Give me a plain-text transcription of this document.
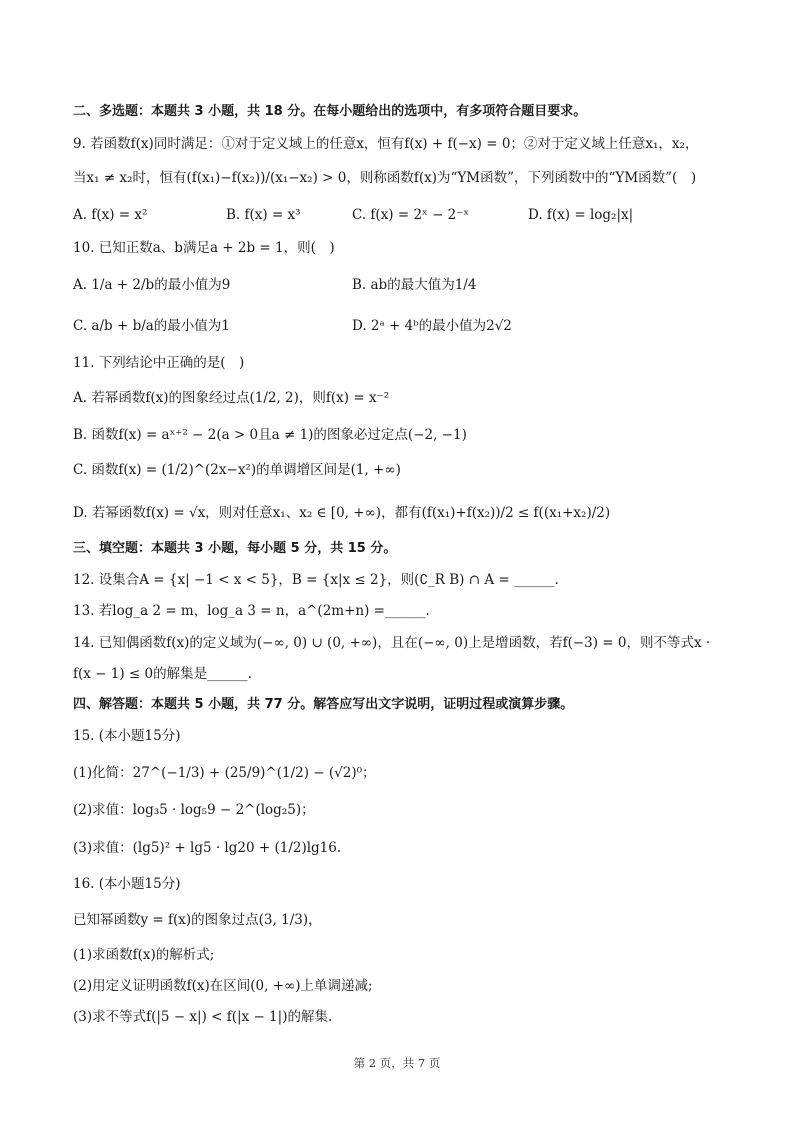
二、多选题：本题共 3 小题，共 18 分。在每小题给出的选项中，有多项符合题目要求。
9. 若函数f(x)同时满足：①对于定义域上的任意x，恒有f(x) + f(−x) = 0；②对于定义域上任意x₁，x₂，
当x₁ ≠ x₂时，恒有(f(x₁)−f(x₂))/(x₁−x₂) > 0，则称函数f(x)为“YM函数”，下列函数中的“YM函数”(　)
A. f(x) = x²	B. f(x) = x³	C. f(x) = 2ˣ − 2⁻ˣ	D. f(x) = log₂|x|
10. 已知正数a、b满足a + 2b = 1，则(　)
A. 1/a + 2/b的最小值为9	B. ab的最大值为1/4
C. a/b + b/a的最小值为1	D. 2ᵃ + 4ᵇ的最小值为2√2
11. 下列结论中正确的是(　)
A. 若幂函数f(x)的图象经过点(1/2, 2)，则f(x) = x⁻²
B. 函数f(x) = aˣ⁺² − 2(a > 0且a ≠ 1)的图象必过定点(−2, −1)
C. 函数f(x) = (1/2)^(2x−x²)的单调增区间是(1, +∞)
D. 若幂函数f(x) = √x，则对任意x₁、x₂ ∈ [0, +∞)，都有(f(x₁)+f(x₂))/2 ≤ f((x₁+x₂)/2)
三、填空题：本题共 3 小题，每小题 5 分，共 15 分。
12. 设集合A = {x| −1 < x < 5}，B = {x|x ≤ 2}，则(∁_R B) ∩ A = ______.
13. 若log_a 2 = m，log_a 3 = n，a^(2m+n) =______.
14. 已知偶函数f(x)的定义域为(−∞, 0) ∪ (0, +∞)，且在(−∞, 0)上是增函数，若f(−3) = 0，则不等式x ·
f(x − 1) ≤ 0的解集是______.
四、解答题：本题共 5 小题，共 77 分。解答应写出文字说明，证明过程或演算步骤。
15. (本小题15分)
(1)化简：27^(−1/3) + (25/9)^(1/2) − (√2)⁰；
(2)求值：log₃5 · log₅9 − 2^(log₂5)；
(3)求值：(lg5)² + lg5 · lg20 + (1/2)lg16.
16. (本小题15分)
已知幂函数y = f(x)的图象过点(3, 1/3)，
(1)求函数f(x)的解析式;
(2)用定义证明函数f(x)在区间(0, +∞)上单调递减;
(3)求不等式f(|5 − x|) < f(|x − 1|)的解集.
第 2 页，共 7 页
